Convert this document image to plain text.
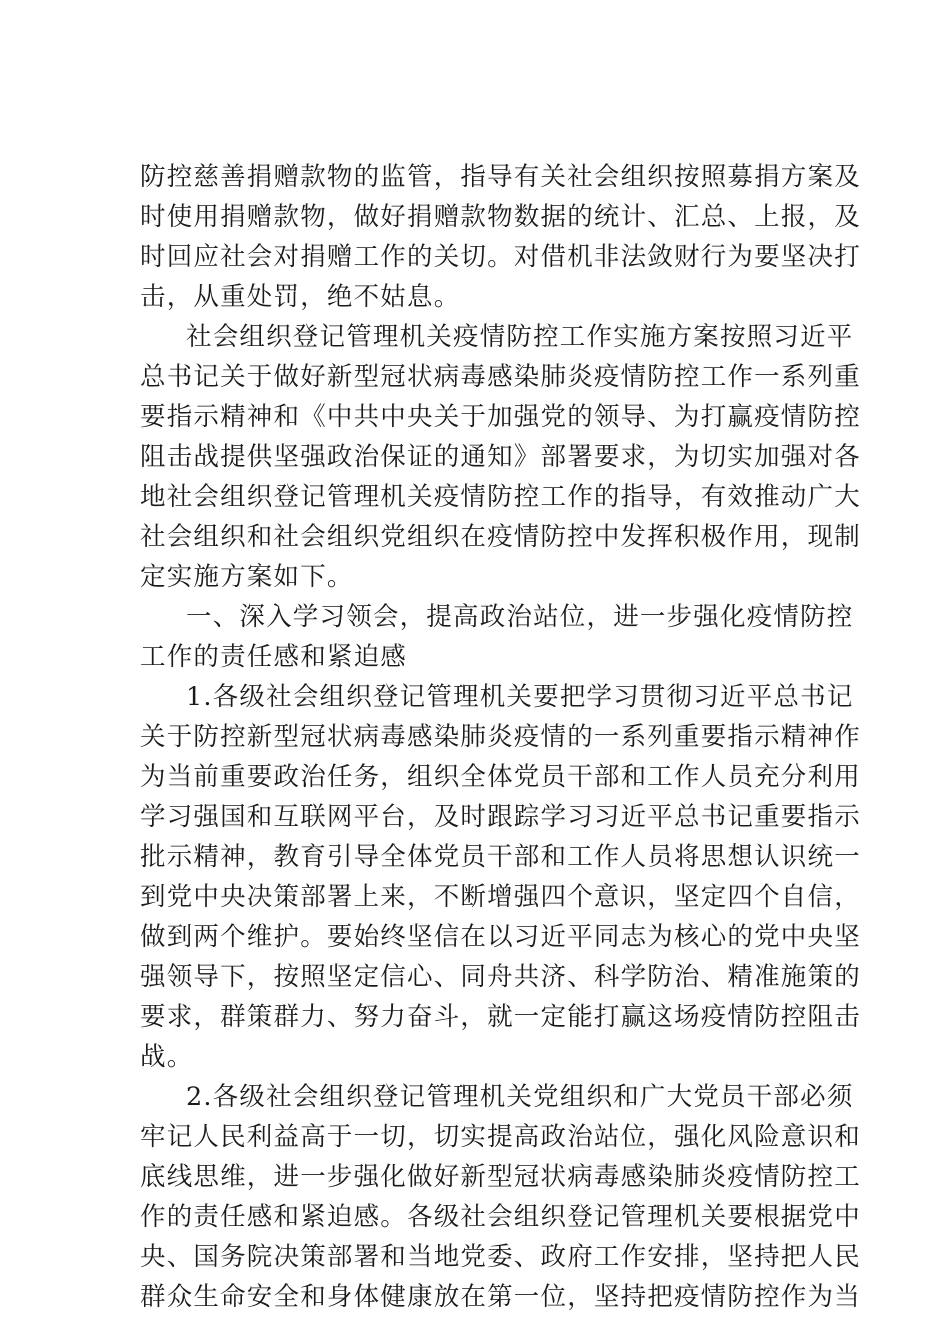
防控慈善捐赠款物的监管，指导有关社会组织按照募捐方案及
时使用捐赠款物，做好捐赠款物数据的统计、汇总、上报，及
时回应社会对捐赠工作的关切。对借机非法敛财行为要坚决打
击，从重处罚，绝不姑息。
社会组织登记管理机关疫情防控工作实施方案按照习近平
总书记关于做好新型冠状病毒感染肺炎疫情防控工作一系列重
要指示精神和《中共中央关于加强党的领导、为打赢疫情防控
阻击战提供坚强政治保证的通知》部署要求，为切实加强对各
地社会组织登记管理机关疫情防控工作的指导，有效推动广大
社会组织和社会组织党组织在疫情防控中发挥积极作用，现制
定实施方案如下。
一、深入学习领会，提高政治站位，进一步强化疫情防控
工作的责任感和紧迫感
1.各级社会组织登记管理机关要把学习贯彻习近平总书记
关于防控新型冠状病毒感染肺炎疫情的一系列重要指示精神作
为当前重要政治任务，组织全体党员干部和工作人员充分利用
学习强国和互联网平台，及时跟踪学习习近平总书记重要指示
批示精神，教育引导全体党员干部和工作人员将思想认识统一
到党中央决策部署上来，不断增强四个意识，坚定四个自信，
做到两个维护。要始终坚信在以习近平同志为核心的党中央坚
强领导下，按照坚定信心、同舟共济、科学防治、精准施策的
要求，群策群力、努力奋斗，就一定能打赢这场疫情防控阻击
战。
2.各级社会组织登记管理机关党组织和广大党员干部必须
牢记人民利益高于一切，切实提高政治站位，强化风险意识和
底线思维，进一步强化做好新型冠状病毒感染肺炎疫情防控工
作的责任感和紧迫感。各级社会组织登记管理机关要根据党中
央、国务院决策部署和当地党委、政府工作安排，坚持把人民
群众生命安全和身体健康放在第一位，坚持把疫情防控作为当
